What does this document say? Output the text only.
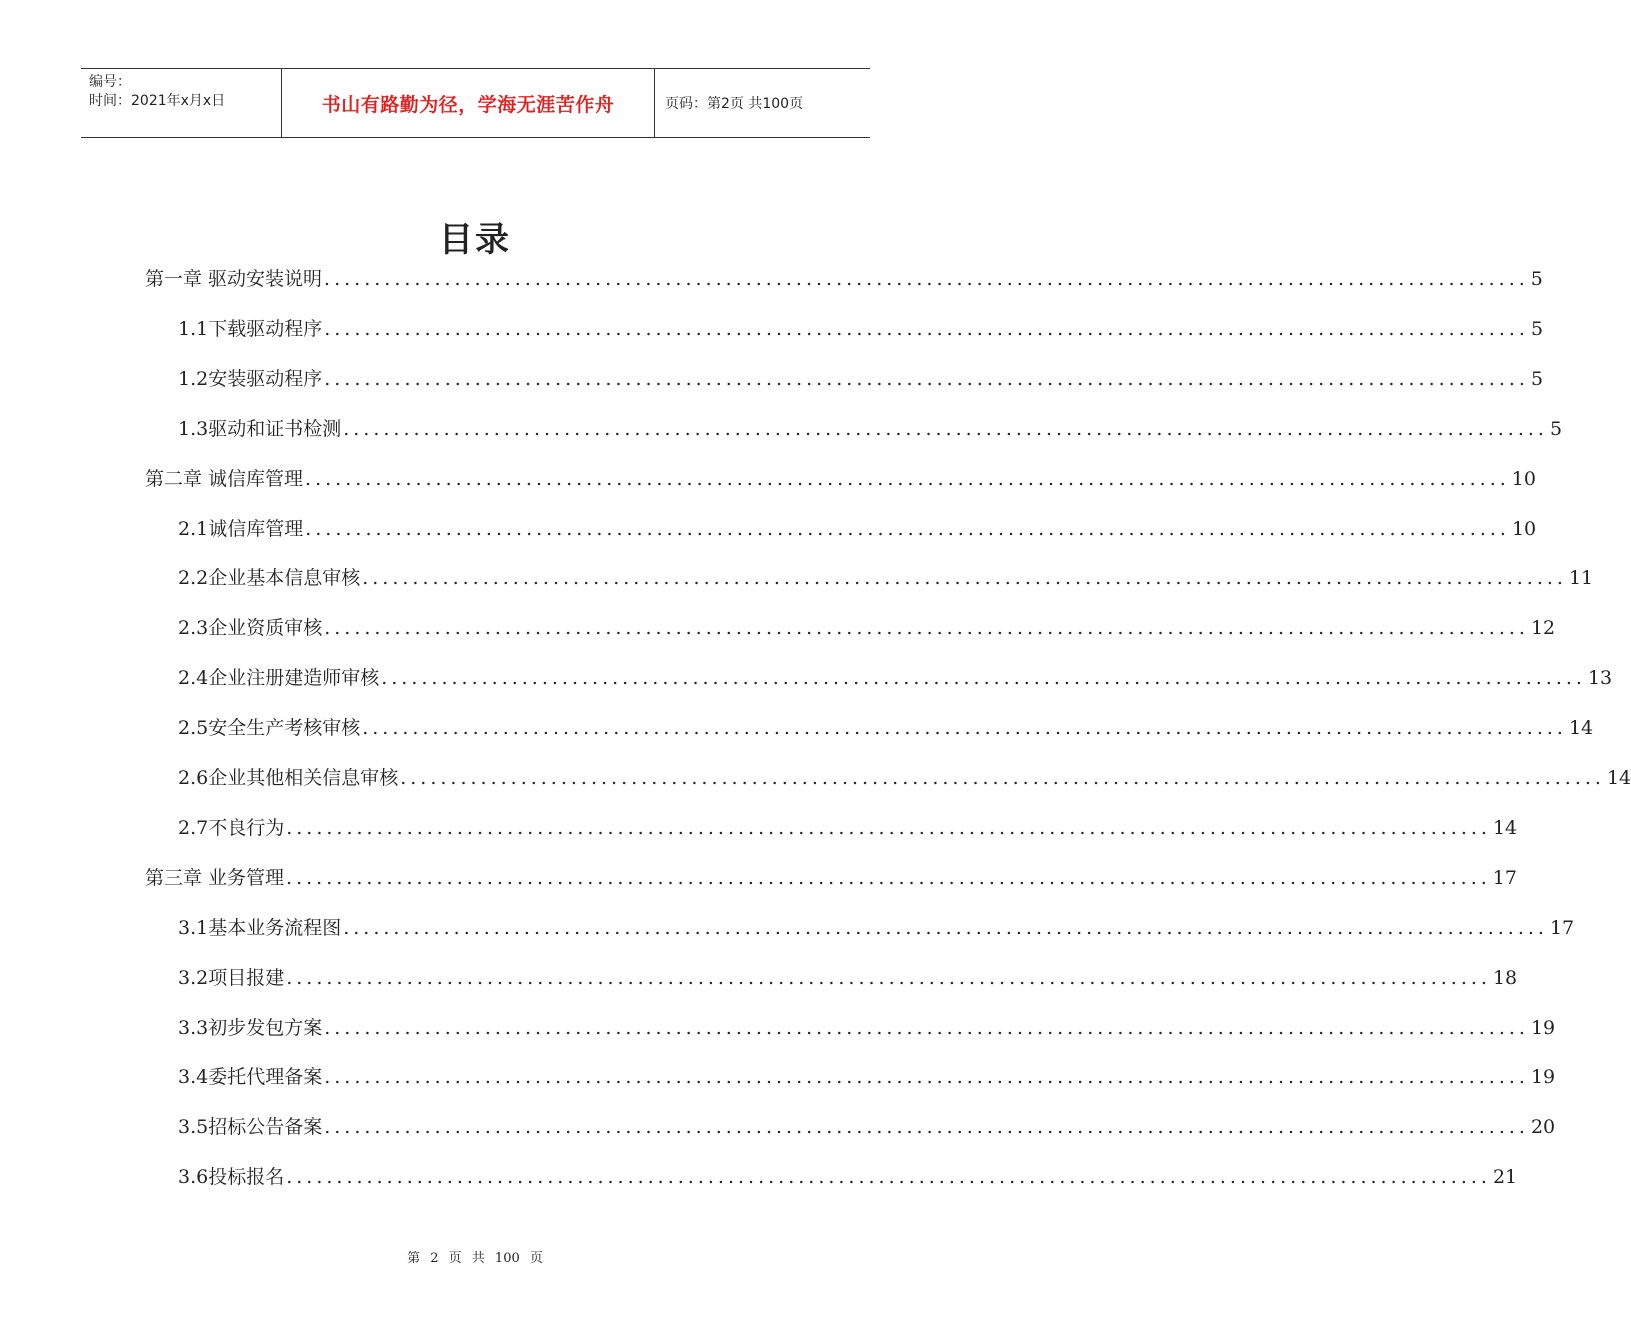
编号：
时间：2021年x月x日	书山有路勤为径，学海无涯苦作舟	页码：第2页 共100页
目录
第一章 驱动安装说明 ........................................................................................................................ 5
1.1下载驱动程序 ........................................................................................................................ 5
1.2安装驱动程序 ........................................................................................................................ 5
1.3驱动和证书检测 ........................................................................................................................ 5
第二章 诚信库管理 ........................................................................................................................ 10
2.1诚信库管理 ........................................................................................................................ 10
2.2企业基本信息审核 ........................................................................................................................ 11
2.3企业资质审核 ........................................................................................................................ 12
2.4企业注册建造师审核 ........................................................................................................................ 13
2.5安全生产考核审核 ........................................................................................................................ 14
2.6企业其他相关信息审核 ........................................................................................................................ 14
2.7不良行为 ........................................................................................................................ 14
第三章 业务管理 ........................................................................................................................ 17
3.1基本业务流程图 ........................................................................................................................ 17
3.2项目报建 ........................................................................................................................ 18
3.3初步发包方案 ........................................................................................................................ 19
3.4委托代理备案 ........................................................................................................................ 19
3.5招标公告备案 ........................................................................................................................ 20
3.6投标报名 ........................................................................................................................ 21
第 2 页 共 100 页
